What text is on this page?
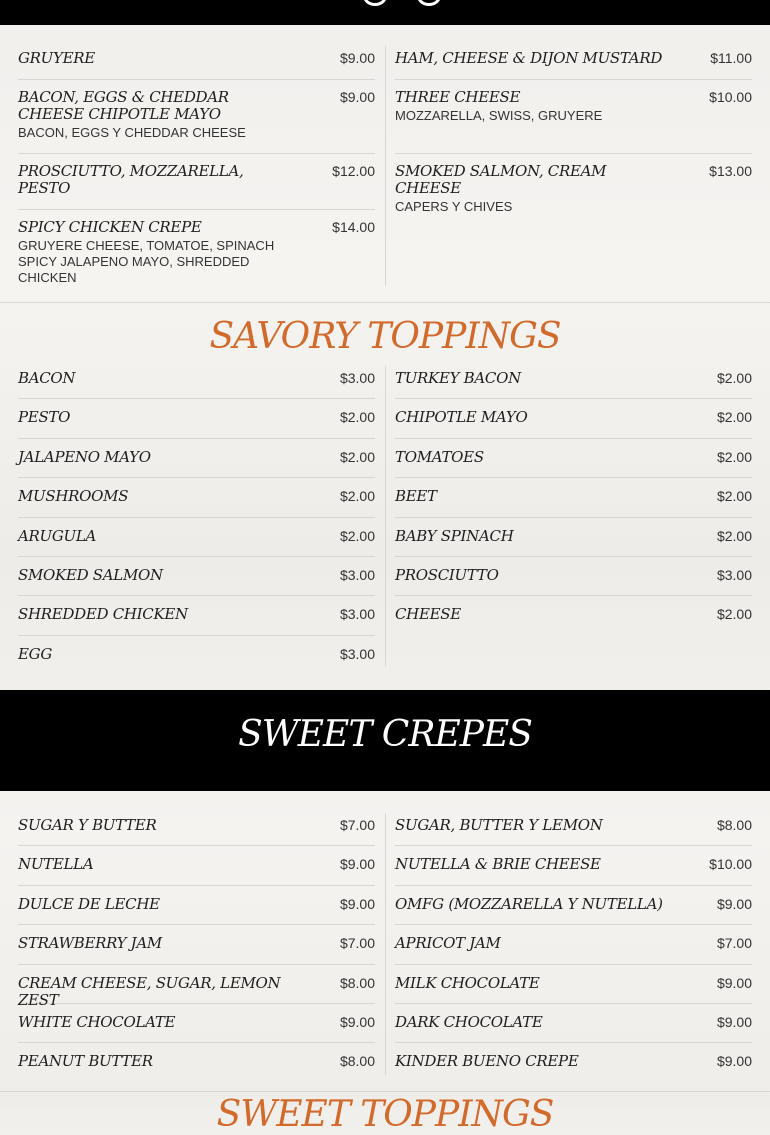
GRUYERE	$9.00
BACON, EGGS & CHEDDAR CHEESE CHIPOTLE MAYO
BACON, EGGS Y CHEDDAR CHEESE
$9.00
PROSCIUTTO, MOZZARELLA, PESTO
$12.00
SPICY CHICKEN CREPE
GRUYERE CHEESE, TOMATOE, SPINACH SPICY JALAPENO MAYO, SHREDDED CHICKEN
$14.00
HAM, CHEESE & DIJON MUSTARD	$11.00
THREE CHEESE
MOZZARELLA, SWISS, GRUYERE
$10.00
SMOKED SALMON, CREAM CHEESE
CAPERS Y CHIVES
$13.00
SAVORY TOPPINGS
BACON	$3.00
PESTO	$2.00
JALAPENO MAYO	$2.00
MUSHROOMS	$2.00
ARUGULA	$2.00
SMOKED SALMON	$3.00
SHREDDED CHICKEN	$3.00
EGG	$3.00
TURKEY BACON	$2.00
CHIPOTLE MAYO	$2.00
TOMATOES	$2.00
BEET	$2.00
BABY SPINACH	$2.00
PROSCIUTTO	$3.00
CHEESE	$2.00
SWEET CREPES
SUGAR Y BUTTER	$7.00
NUTELLA	$9.00
DULCE DE LECHE	$9.00
STRAWBERRY JAM	$7.00
CREAM CHEESE, SUGAR, LEMON ZEST
$8.00
WHITE CHOCOLATE	$9.00
PEANUT BUTTER	$8.00
SUGAR, BUTTER Y LEMON	$8.00
NUTELLA & BRIE CHEESE	$10.00
OMFG (MOZZARELLA Y NUTELLA)	$9.00
APRICOT JAM	$7.00
MILK CHOCOLATE	$9.00
DARK CHOCOLATE	$9.00
KINDER BUENO CREPE	$9.00
SWEET TOPPINGS
